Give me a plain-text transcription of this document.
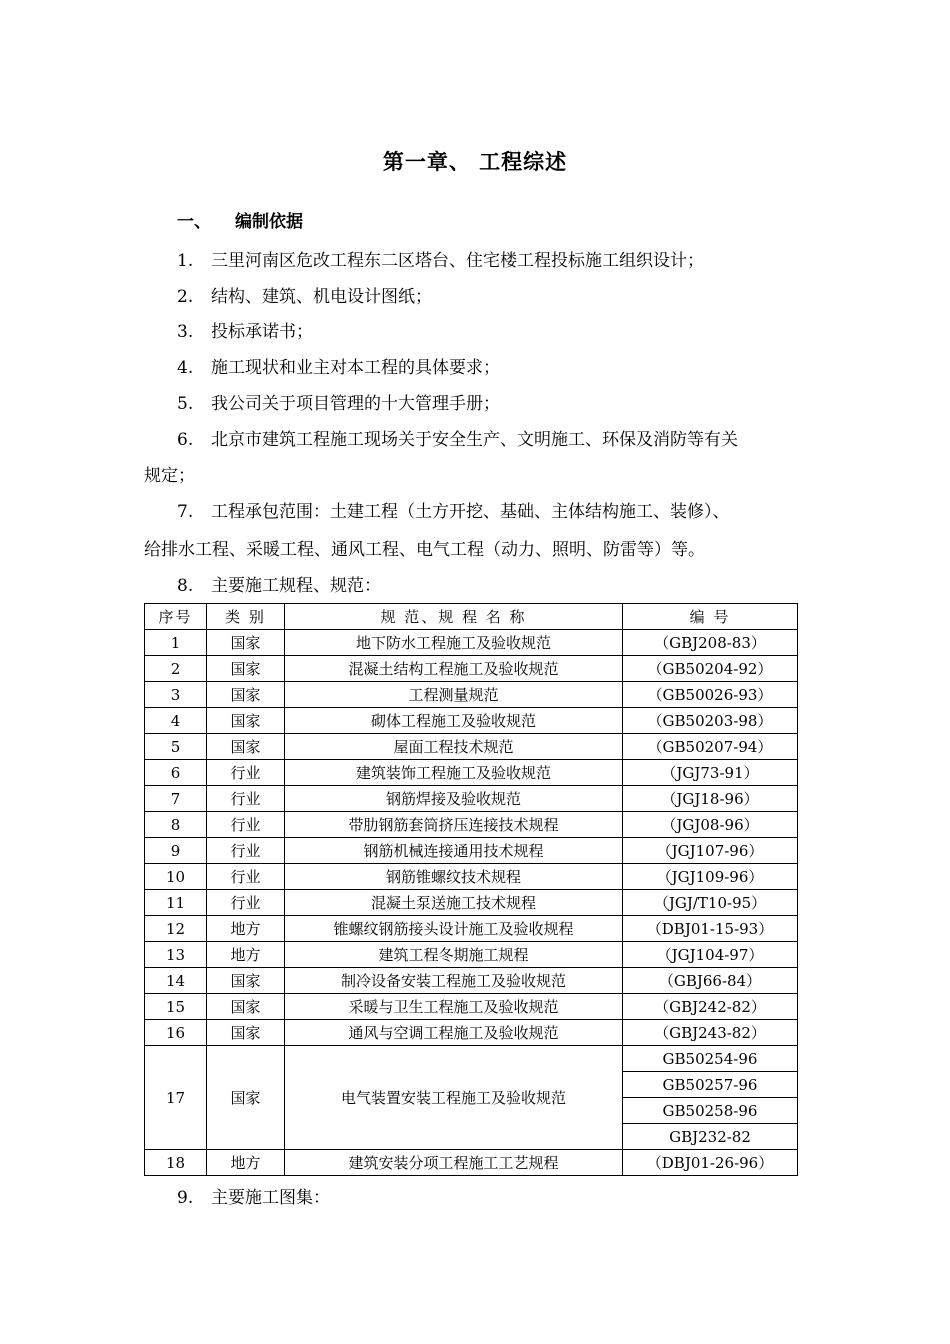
第一章、 工程综述
一、 编制依据
1. 三里河南区危改工程东二区塔台、住宅楼工程投标施工组织设计；
2. 结构、建筑、机电设计图纸；
3. 投标承诺书；
4. 施工现状和业主对本工程的具体要求；
5. 我公司关于项目管理的十大管理手册；
6. 北京市建筑工程施工现场关于安全生产、文明施工、环保及消防等有关
规定；
7. 工程承包范围：土建工程（土方开挖、基础、主体结构施工、装修）、
给排水工程、采暖工程、通风工程、电气工程（动力、照明、防雷等）等。
8. 主要施工规程、规范：
序号	类 别	规 范、规 程 名 称	编 号
1	国家	地下防水工程施工及验收规范	（GBJ208-83）
2	国家	混凝土结构工程施工及验收规范	（GB50204-92）
3	国家	工程测量规范	（GB50026-93）
4	国家	砌体工程施工及验收规范	（GB50203-98）
5	国家	屋面工程技术规范	（GB50207-94）
6	行业	建筑装饰工程施工及验收规范	（JGJ73-91）
7	行业	钢筋焊接及验收规范	（JGJ18-96）
8	行业	带肋钢筋套筒挤压连接技术规程	（JGJ08-96）
9	行业	钢筋机械连接通用技术规程	（JGJ107-96）
10	行业	钢筋锥螺纹技术规程	（JGJ109-96）
11	行业	混凝土泵送施工技术规程	（JGJ/T10-95）
12	地方	锥螺纹钢筋接头设计施工及验收规程	（DBJ01-15-93）
13	地方	建筑工程冬期施工规程	（JGJ104-97）
14	国家	制冷设备安装工程施工及验收规范	（GBJ66-84）
15	国家	采暖与卫生工程施工及验收规范	（GBJ242-82）
16	国家	通风与空调工程施工及验收规范	（GBJ243-82）
17	国家	电气装置安装工程施工及验收规范	GB50254-96
			GB50257-96
			GB50258-96
			GBJ232-82
18	地方	建筑安装分项工程施工工艺规程	（DBJ01-26-96）
9. 主要施工图集：
